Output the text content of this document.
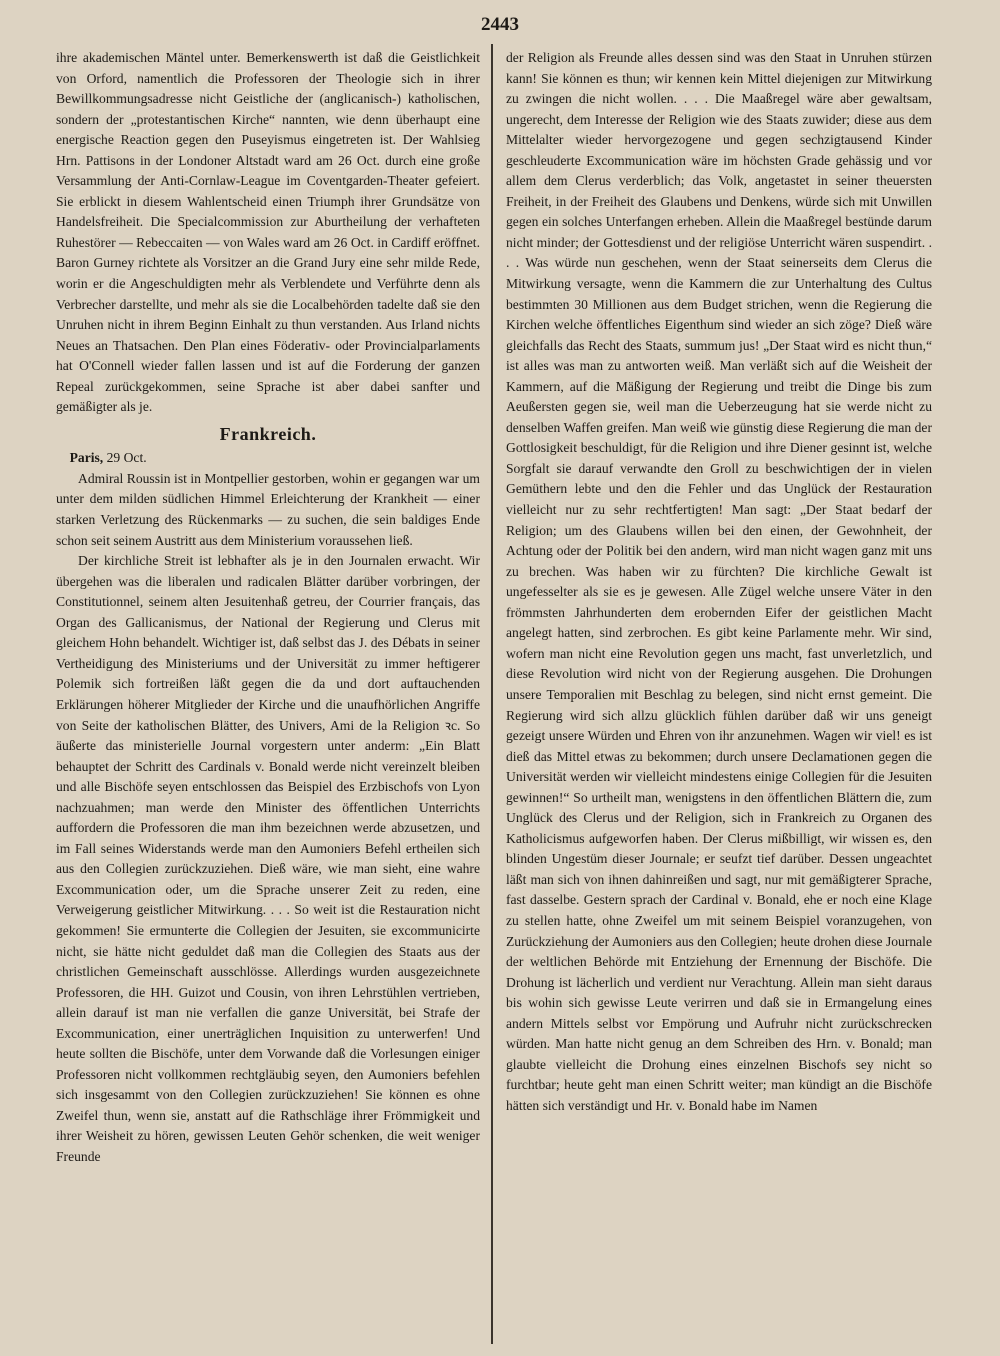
2443

ihre akademischen Mäntel unter. Bemerkenswerth ist daß die Geistlichkeit von Orford, namentlich die Professoren der Theologie sich in ihrer Bewillkommungsadresse nicht Geistliche der (anglicanisch-) katholischen, sondern der „protestantischen Kirche“ nannten, wie denn überhaupt eine energische Reaction gegen den Puseyismus eingetreten ist. Der Wahlsieg Hrn. Pattisons in der Londoner Altstadt ward am 26 Oct. durch eine große Versammlung der Anti-Cornlaw-League im Coventgarden-Theater gefeiert. Sie erblickt in diesem Wahlentscheid einen Triumph ihrer Grundsätze von Handelsfreiheit. Die Specialcommission zur Aburtheilung der verhafteten Ruhestörer — Rebeccaiten — von Wales ward am 26 Oct. in Cardiff eröffnet. Baron Gurney richtete als Vorsitzer an die Grand Jury eine sehr milde Rede, worin er die Angeschuldigten mehr als Verblendete und Verführte denn als Verbrecher darstellte, und mehr als sie die Localbehörden tadelte daß sie den Unruhen nicht in ihrem Beginn Einhalt zu thun verstanden. Aus Irland nichts Neues an Thatsachen. Den Plan eines Föderativ- oder Provincialparlaments hat O'Connell wieder fallen lassen und ist auf die Forderung der ganzen Repeal zurückgekommen, seine Sprache ist aber dabei sanfter und gemäßigter als je.

Frankreich.

 Paris, 29 Oct.

Admiral Roussin ist in Montpellier gestorben, wohin er gegangen war um unter dem milden südlichen Himmel Erleichterung der Krankheit — einer starken Verletzung des Rückenmarks — zu suchen, die sein baldiges Ende schon seit seinem Austritt aus dem Ministerium voraussehen ließ.

Der kirchliche Streit ist lebhafter als je in den Journalen erwacht. Wir übergehen was die liberalen und radicalen Blätter darüber vorbringen, der Constitutionnel, seinem alten Jesuitenhaß getreu, der Courrier français, das Organ des Gallicanismus, der National der Regierung und Clerus mit gleichem Hohn behandelt. Wichtiger ist, daß selbst das J. des Débats in seiner Vertheidigung des Ministeriums und der Universität zu immer heftigerer Polemik sich fortreißen läßt gegen die da und dort auftauchenden Erklärungen höherer Mitglieder der Kirche und die unaufhörlichen Angriffe von Seite der katholischen Blätter, des Univers, Ami de la Religion ꝛc. So äußerte das ministerielle Journal vorgestern unter anderm: „Ein Blatt behauptet der Schritt des Cardinals v. Bonald werde nicht vereinzelt bleiben und alle Bischöfe seyen entschlossen das Beispiel des Erzbischofs von Lyon nachzuahmen; man werde den Minister des öffentlichen Unterrichts auffordern die Professoren die man ihm bezeichnen werde abzusetzen, und im Fall seines Widerstands werde man den Aumoniers Befehl ertheilen sich aus den Collegien zurückzuziehen. Dieß wäre, wie man sieht, eine wahre Excommunication oder, um die Sprache unserer Zeit zu reden, eine Verweigerung geistlicher Mitwirkung. . . . So weit ist die Restauration nicht gekommen! Sie ermunterte die Collegien der Jesuiten, sie excommunicirte nicht, sie hätte nicht geduldet daß man die Collegien des Staats aus der christlichen Gemeinschaft ausschlösse. Allerdings wurden ausgezeichnete Professoren, die HH. Guizot und Cousin, von ihren Lehrstühlen vertrieben, allein darauf ist man nie verfallen die ganze Universität, bei Strafe der Excommunication, einer unerträglichen Inquisition zu unterwerfen! Und heute sollten die Bischöfe, unter dem Vorwande daß die Vorlesungen einiger Professoren nicht vollkommen rechtgläubig seyen, den Aumoniers befehlen sich insgesammt von den Collegien zurückzuziehen! Sie können es ohne Zweifel thun, wenn sie, anstatt auf die Rathschläge ihrer Frömmigkeit und ihrer Weisheit zu hören, gewissen Leuten Gehör schenken, die weit weniger Freunde

der Religion als Freunde alles dessen sind was den Staat in Unruhen stürzen kann! Sie können es thun; wir kennen kein Mittel diejenigen zur Mitwirkung zu zwingen die nicht wollen. . . . Die Maaßregel wäre aber gewaltsam, ungerecht, dem Interesse der Religion wie des Staats zuwider; diese aus dem Mittelalter wieder hervorgezogene und gegen sechzigtausend Kinder geschleuderte Excommunication wäre im höchsten Grade gehässig und vor allem dem Clerus verderblich; das Volk, angetastet in seiner theuersten Freiheit, in der Freiheit des Glaubens und Denkens, würde sich mit Unwillen gegen ein solches Unterfangen erheben. Allein die Maaßregel bestünde darum nicht minder; der Gottesdienst und der religiöse Unterricht wären suspendirt. . . . Was würde nun geschehen, wenn der Staat seinerseits dem Clerus die Mitwirkung versagte, wenn die Kammern die zur Unterhaltung des Cultus bestimmten 30 Millionen aus dem Budget strichen, wenn die Regierung die Kirchen welche öffentliches Eigenthum sind wieder an sich zöge? Dieß wäre gleichfalls das Recht des Staats, summum jus! „Der Staat wird es nicht thun,“ ist alles was man zu antworten weiß. Man verläßt sich auf die Weisheit der Kammern, auf die Mäßigung der Regierung und treibt die Dinge bis zum Aeußersten gegen sie, weil man die Ueberzeugung hat sie werde nicht zu denselben Waffen greifen. Man weiß wie günstig diese Regierung die man der Gottlosigkeit beschuldigt, für die Religion und ihre Diener gesinnt ist, welche Sorgfalt sie darauf verwandte den Groll zu beschwichtigen der in vielen Gemüthern lebte und den die Fehler und das Unglück der Restauration vielleicht nur zu sehr rechtfertigten! Man sagt: „Der Staat bedarf der Religion; um des Glaubens willen bei den einen, der Gewohnheit, der Achtung oder der Politik bei den andern, wird man nicht wagen ganz mit uns zu brechen. Was haben wir zu fürchten? Die kirchliche Gewalt ist ungefesselter als sie es je gewesen. Alle Zügel welche unsere Väter in den frömmsten Jahrhunderten dem erobernden Eifer der geistlichen Macht angelegt hatten, sind zerbrochen. Es gibt keine Parlamente mehr. Wir sind, wofern man nicht eine Revolution gegen uns macht, fast unverletzlich, und diese Revolution wird nicht von der Regierung ausgehen. Die Drohungen unsere Temporalien mit Beschlag zu belegen, sind nicht ernst gemeint. Die Regierung wird sich allzu glücklich fühlen darüber daß wir uns geneigt gezeigt unsere Würden und Ehren von ihr anzunehmen. Wagen wir viel! es ist dieß das Mittel etwas zu bekommen; durch unsere Declamationen gegen die Universität werden wir vielleicht mindestens einige Collegien für die Jesuiten gewinnen!“ So urtheilt man, wenigstens in den öffentlichen Blättern die, zum Unglück des Clerus und der Religion, sich in Frankreich zu Organen des Katholicismus aufgeworfen haben. Der Clerus mißbilligt, wir wissen es, den blinden Ungestüm dieser Journale; er seufzt tief darüber. Dessen ungeachtet läßt man sich von ihnen dahinreißen und sagt, nur mit gemäßigterer Sprache, fast dasselbe. Gestern sprach der Cardinal v. Bonald, ehe er noch eine Klage zu stellen hatte, ohne Zweifel um mit seinem Beispiel voranzugehen, von Zurückziehung der Aumoniers aus den Collegien; heute drohen diese Journale der weltlichen Behörde mit Entziehung der Ernennung der Bischöfe. Die Drohung ist lächerlich und verdient nur Verachtung. Allein man sieht daraus bis wohin sich gewisse Leute verirren und daß sie in Ermangelung eines andern Mittels selbst vor Empörung und Aufruhr nicht zurückschrecken würden. Man hatte nicht genug an dem Schreiben des Hrn. v. Bonald; man glaubte vielleicht die Drohung eines einzelnen Bischofs sey nicht so furchtbar; heute geht man einen Schritt weiter; man kündigt an die Bischöfe hätten sich verständigt und Hr. v. Bonald habe im Namen
